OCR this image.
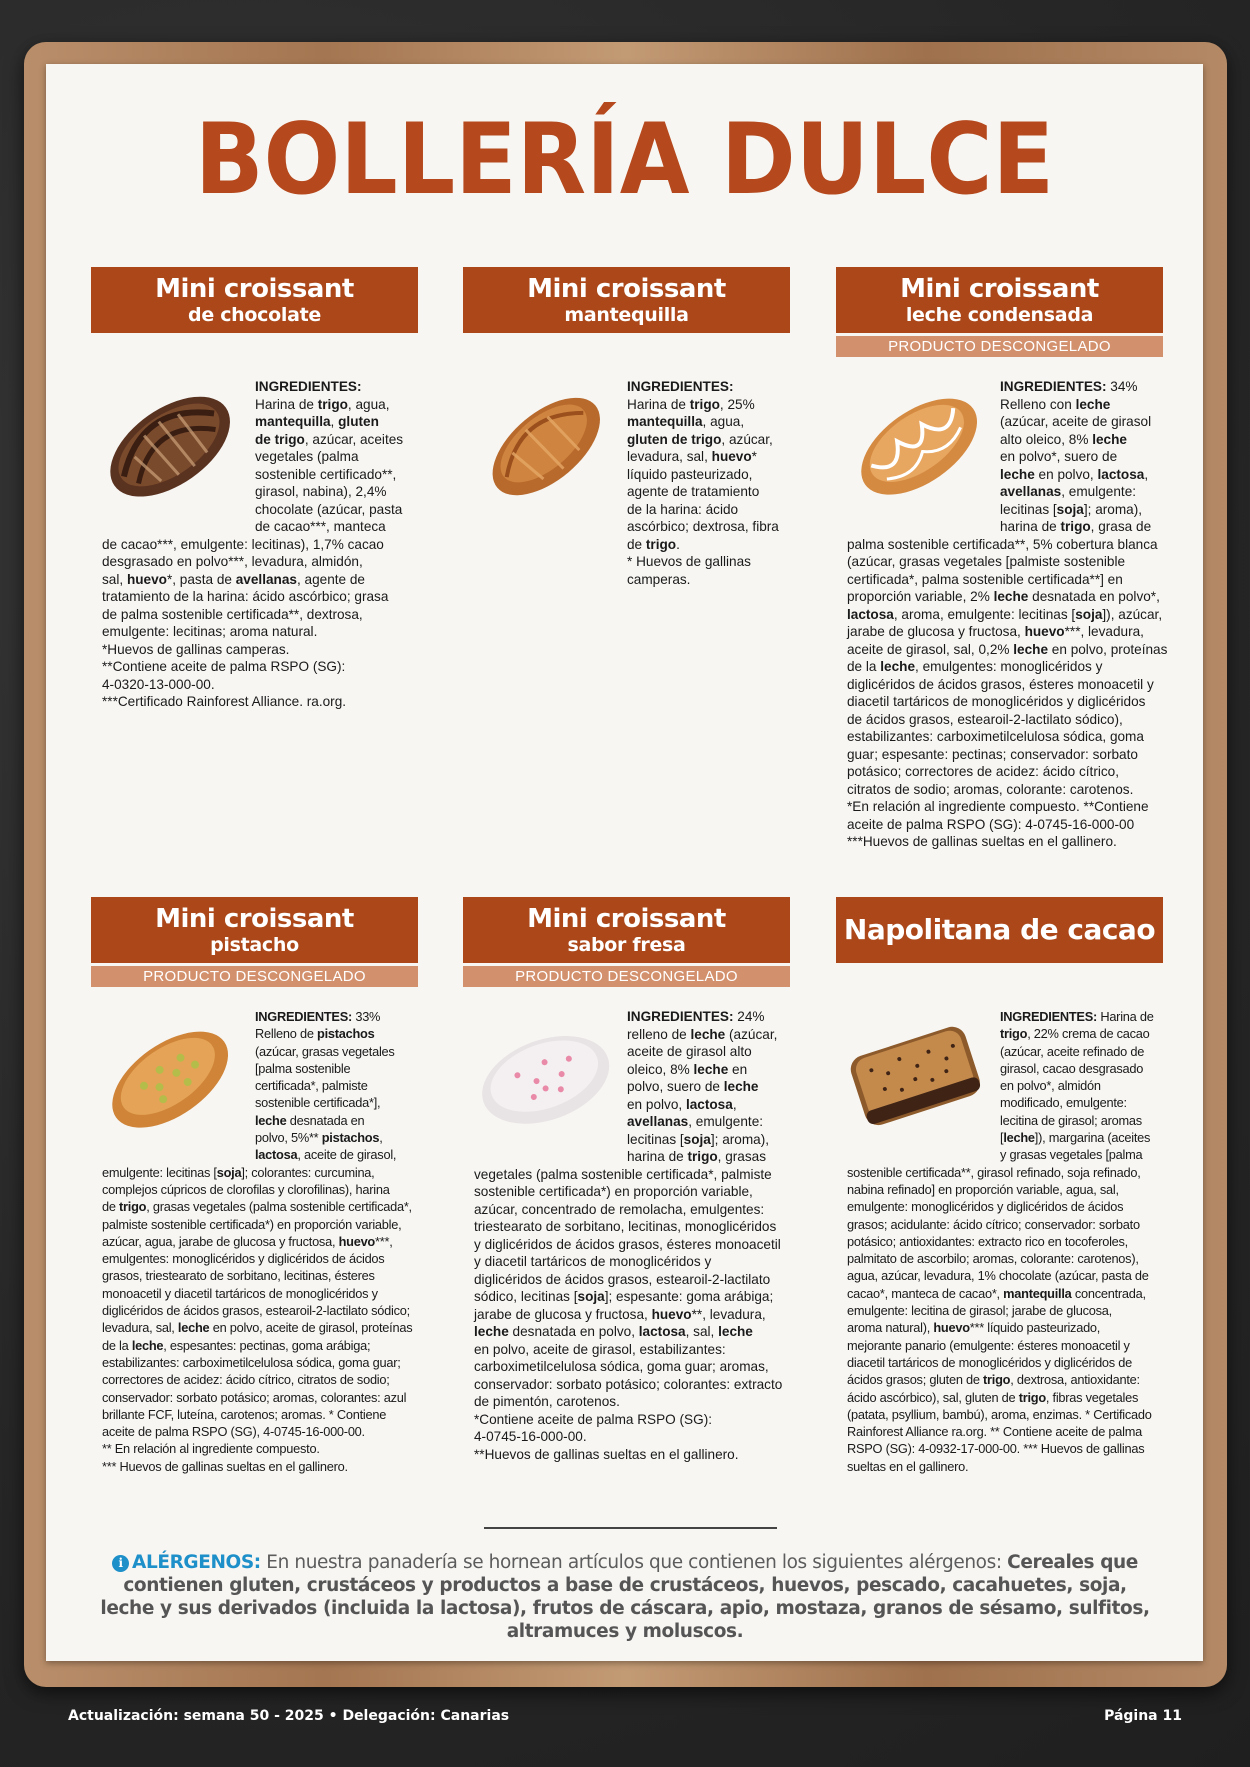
BOLLERÍA DULCE
Mini croissant
de chocolate
INGREDIENTES:
Harina de trigo, agua,
mantequilla, gluten
de trigo, azúcar, aceites
vegetales (palma
sostenible certificado**,
girasol, nabina), 2,4%
chocolate (azúcar, pasta
de cacao***, manteca
de cacao***, emulgente: lecitinas), 1,7% cacao
desgrasado en polvo***, levadura, almidón,
sal, huevo*, pasta de avellanas, agente de
tratamiento de la harina: ácido ascórbico; grasa
de palma sostenible certificada**, dextrosa,
emulgente: lecitinas; aroma natural.
*Huevos de gallinas camperas.
**Contiene aceite de palma RSPO (SG):
4-0320-13-000-00.
***Certificado Rainforest Alliance. ra.org.
Mini croissant
mantequilla
INGREDIENTES:
Harina de trigo, 25%
mantequilla, agua,
gluten de trigo, azúcar,
levadura, sal, huevo*
líquido pasteurizado,
agente de tratamiento
de la harina: ácido
ascórbico; dextrosa, fibra
de trigo.
* Huevos de gallinas
camperas.
Mini croissant
leche condensada
PRODUCTO DESCONGELADO
INGREDIENTES: 34%
Relleno con leche
(azúcar, aceite de girasol
alto oleico, 8% leche
en polvo*, suero de
leche en polvo, lactosa,
avellanas, emulgente:
lecitinas [soja]; aroma),
harina de trigo, grasa de
palma sostenible certificada**, 5% cobertura blanca
(azúcar, grasas vegetales [palmiste sostenible
certificada*, palma sostenible certificada**] en
proporción variable, 2% leche desnatada en polvo*,
lactosa, aroma, emulgente: lecitinas [soja]), azúcar,
jarabe de glucosa y fructosa, huevo***, levadura,
aceite de girasol, sal, 0,2% leche en polvo, proteínas
de la leche, emulgentes: monoglicéridos y
diglicéridos de ácidos grasos, ésteres monoacetil y
diacetil tartáricos de monoglicéridos y diglicéridos
de ácidos grasos, estearoil-2-lactilato sódico),
estabilizantes: carboximetilcelulosa sódica, goma
guar; espesante: pectinas; conservador: sorbato
potásico; correctores de acidez: ácido cítrico,
citratos de sodio; aromas, colorante: carotenos.
*En relación al ingrediente compuesto. **Contiene
aceite de palma RSPO (SG): 4-0745-16-000-00
***Huevos de gallinas sueltas en el gallinero.
Mini croissant
pistacho
PRODUCTO DESCONGELADO
INGREDIENTES: 33%
Relleno de pistachos
(azúcar, grasas vegetales
[palma sostenible
certificada*, palmiste
sostenible certificada*],
leche desnatada en
polvo, 5%** pistachos,
lactosa, aceite de girasol,
emulgente: lecitinas [soja]; colorantes: curcumina,
complejos cúpricos de clorofilas y clorofilinas), harina
de trigo, grasas vegetales (palma sostenible certificada*,
palmiste sostenible certificada*) en proporción variable,
azúcar, agua, jarabe de glucosa y fructosa, huevo***,
emulgentes: monoglicéridos y diglicéridos de ácidos
grasos, triestearato de sorbitano, lecitinas, ésteres
monoacetil y diacetil tartáricos de monoglicéridos y
diglicéridos de ácidos grasos, estearoil-2-lactilato sódico;
levadura, sal, leche en polvo, aceite de girasol, proteínas
de la leche, espesantes: pectinas, goma arábiga;
estabilizantes: carboximetilcelulosa sódica, goma guar;
correctores de acidez: ácido cítrico, citratos de sodio;
conservador: sorbato potásico; aromas, colorantes: azul
brillante FCF, luteína, carotenos; aromas. * Contiene
aceite de palma RSPO (SG), 4-0745-16-000-00.
** En relación al ingrediente compuesto.
*** Huevos de gallinas sueltas en el gallinero.
Mini croissant
sabor fresa
PRODUCTO DESCONGELADO
INGREDIENTES: 24%
relleno de leche (azúcar,
aceite de girasol alto
oleico, 8% leche en
polvo, suero de leche
en polvo, lactosa,
avellanas, emulgente:
lecitinas [soja]; aroma),
harina de trigo, grasas
vegetales (palma sostenible certificada*, palmiste
sostenible certificada*) en proporción variable,
azúcar, concentrado de remolacha, emulgentes:
triestearato de sorbitano, lecitinas, monoglicéridos
y diglicéridos de ácidos grasos, ésteres monoacetil
y diacetil tartáricos de monoglicéridos y
diglicéridos de ácidos grasos, estearoil-2-lactilato
sódico, lecitinas [soja]; espesante: goma arábiga;
jarabe de glucosa y fructosa, huevo**, levadura,
leche desnatada en polvo, lactosa, sal, leche
en polvo, aceite de girasol, estabilizantes:
carboximetilcelulosa sódica, goma guar; aromas,
conservador: sorbato potásico; colorantes: extracto
de pimentón, carotenos.
*Contiene aceite de palma RSPO (SG):
4-0745-16-000-00.
**Huevos de gallinas sueltas en el gallinero.
Napolitana de cacao
INGREDIENTES: Harina de
trigo, 22% crema de cacao
(azúcar, aceite refinado de
girasol, cacao desgrasado
en polvo*, almidón
modificado, emulgente:
lecitina de girasol; aromas
[leche]), margarina (aceites
y grasas vegetales [palma
sostenible certificada**, girasol refinado, soja refinado,
nabina refinado] en proporción variable, agua, sal,
emulgente: monoglicéridos y diglicéridos de ácidos
grasos; acidulante: ácido cítrico; conservador: sorbato
potásico; antioxidantes: extracto rico en tocoferoles,
palmitato de ascorbilo; aromas, colorante: carotenos),
agua, azúcar, levadura, 1% chocolate (azúcar, pasta de
cacao*, manteca de cacao*, mantequilla concentrada,
emulgente: lecitina de girasol; jarabe de glucosa,
aroma natural), huevo*** líquido pasteurizado,
mejorante panario (emulgente: ésteres monoacetil y
diacetil tartáricos de monoglicéridos y diglicéridos de
ácidos grasos; gluten de trigo, dextrosa, antioxidante:
ácido ascórbico), sal, gluten de trigo, fibras vegetales
(patata, psyllium, bambú), aroma, enzimas. * Certificado
Rainforest Alliance ra.org. ** Contiene aceite de palma
RSPO (SG): 4-0932-17-000-00. *** Huevos de gallinas
sueltas en el gallinero.
i ALÉRGENOS: En nuestra panadería se hornean artículos que contienen los siguientes alérgenos: Cereales que contienen gluten, crustáceos y productos a base de crustáceos, huevos, pescado, cacahuetes, soja, leche y sus derivados (incluida la lactosa), frutos de cáscara, apio, mostaza, granos de sésamo, sulfitos, altramuces y moluscos.
Actualización: semana 50 - 2025 • Delegación: Canarias	Página 11
